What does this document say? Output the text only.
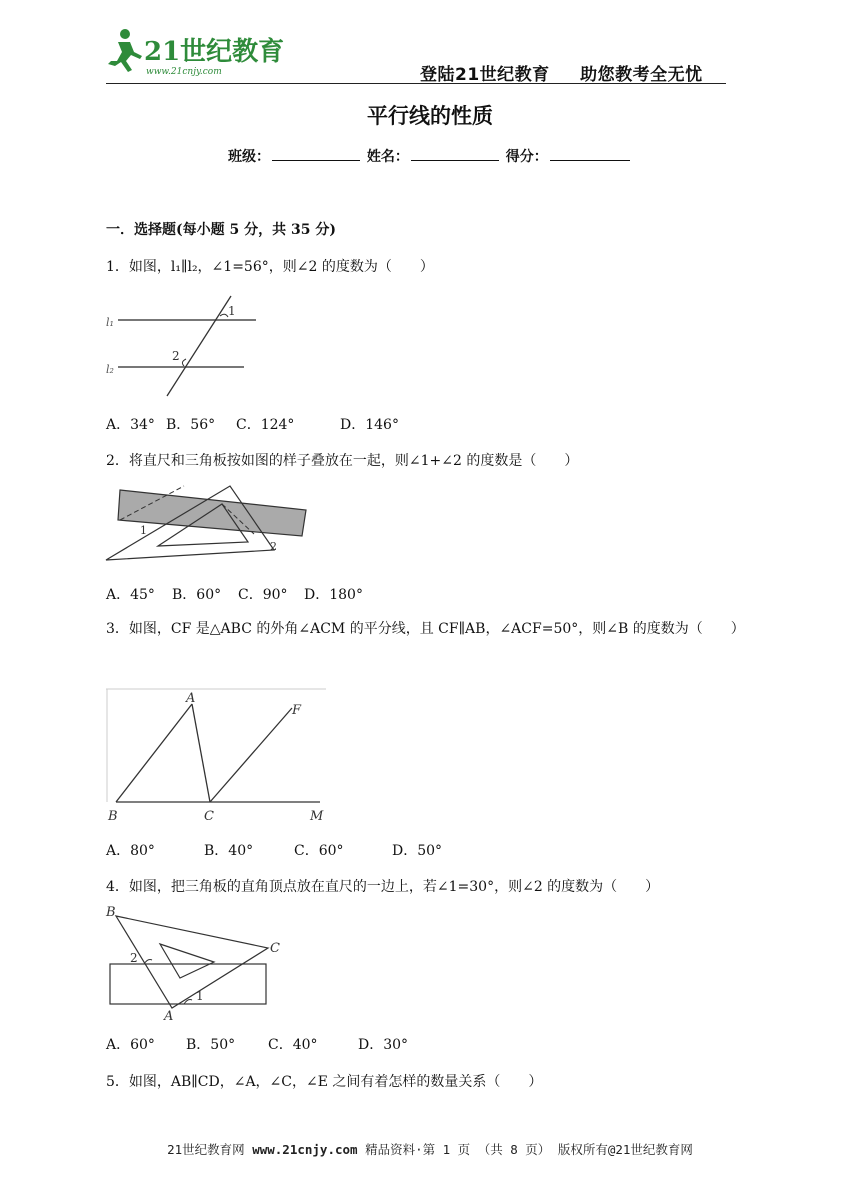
21世纪教育
www.21cnjy.com	登陆21世纪教育 助您教考全无忧
平行线的性质
班级：	姓名：	得分：
一．选择题(每小题 5 分，共 35 分)
1．如图，l₁∥l₂，∠1=56°，则∠2 的度数为（　　）
l₁
l₂
1
2
A．34° B．56° C．124°	D．146°
2．将直尺和三角板按如图的样子叠放在一起，则∠1+∠2 的度数是（　　）
1
2
A．45° B．60° C．90° D．180°
3．如图，CF 是△ABC 的外角∠ACM 的平分线，且 CF∥AB，∠ACF=50°，则∠B 的度数为（　　）
A
F
B	C	M
A．80°	B．40°	C．60°	D．50°
4．如图，把三角板的直角顶点放在直尺的一边上，若∠1=30°，则∠2 的度数为（　　）
B
C
2
1
A
A．60° B．50° C．40°	D．30°
5．如图，AB∥CD，∠A，∠C，∠E 之间有着怎样的数量关系（　　）
21世纪教育网 www.21cnjy.com 精品资料·第 1 页 （共 8 页） 版权所有@21世纪教育网
